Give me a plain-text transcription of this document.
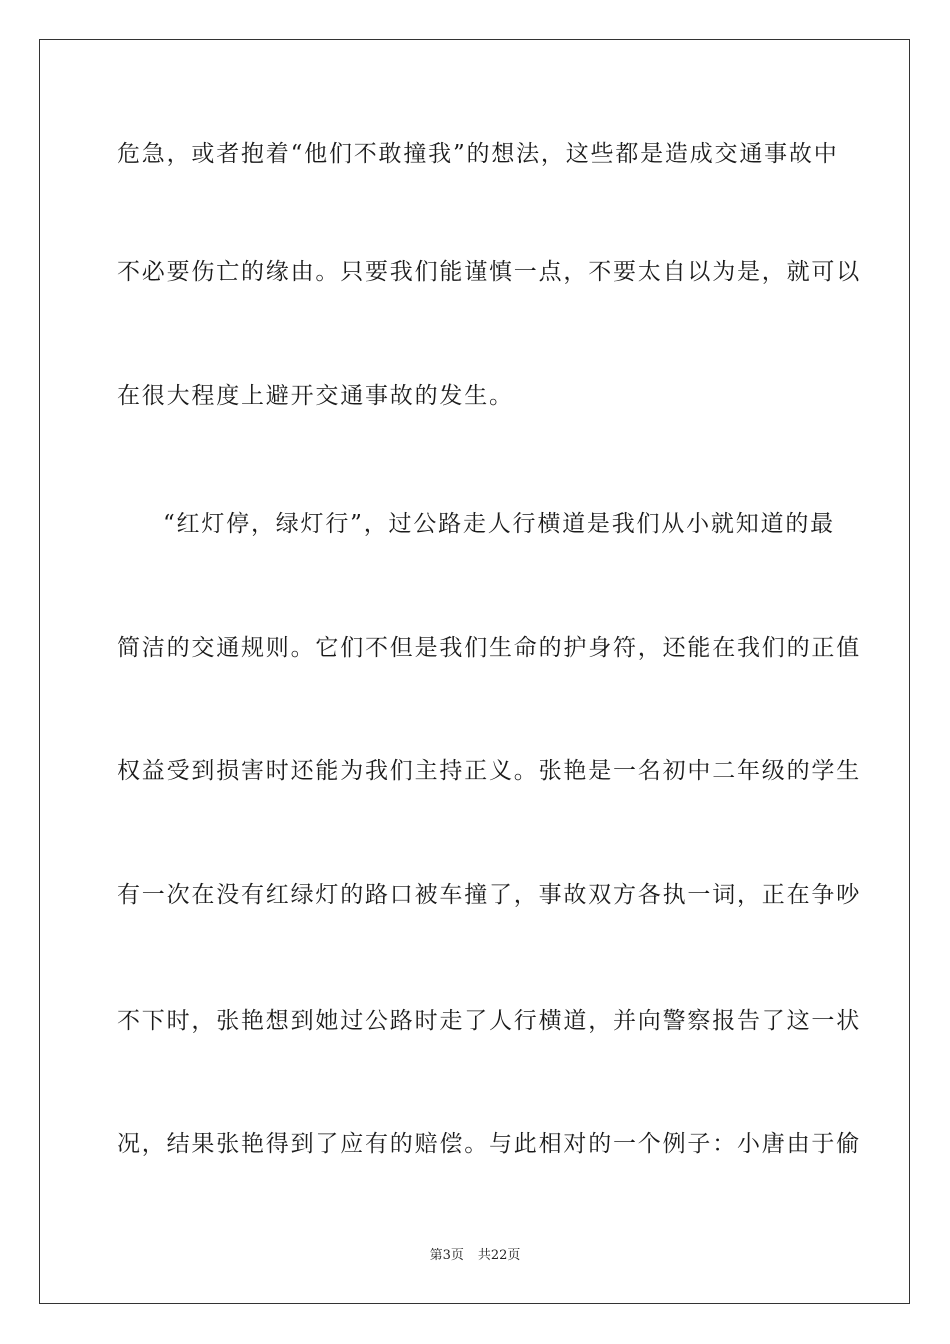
危急，或者抱着“他们不敢撞我”的想法，这些都是造成交通事故中
不必要伤亡的缘由。只要我们能谨慎一点，不要太自以为是，就可以
在很大程度上避开交通事故的发生。
“红灯停，绿灯行”，过公路走人行横道是我们从小就知道的最
简洁的交通规则。它们不但是我们生命的护身符，还能在我们的正值
权益受到损害时还能为我们主持正义。张艳是一名初中二年级的学生
有一次在没有红绿灯的路口被车撞了，事故双方各执一词，正在争吵
不下时，张艳想到她过公路时走了人行横道，并向警察报告了这一状
况，结果张艳得到了应有的赔偿。与此相对的一个例子：小唐由于偷
第3页 共22页
